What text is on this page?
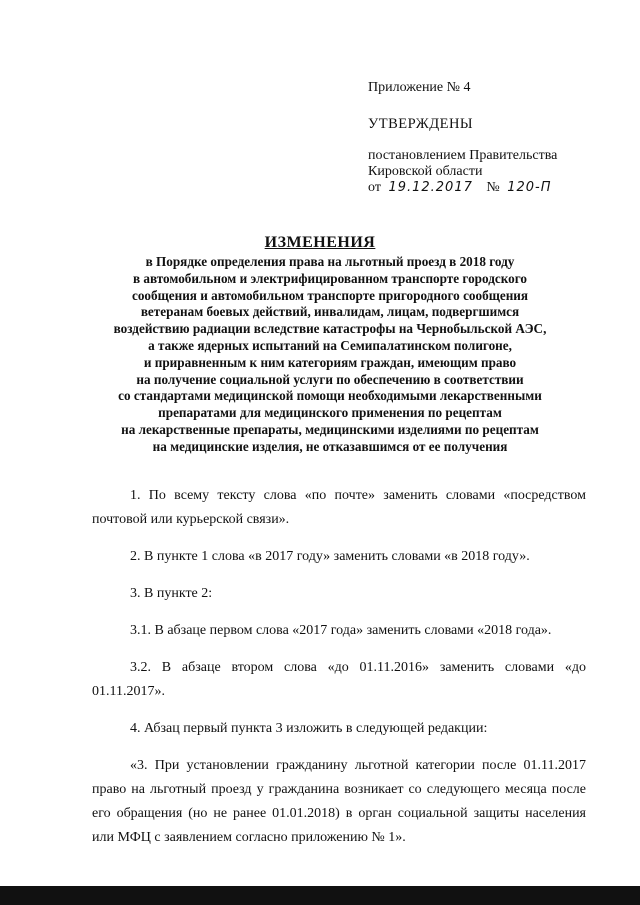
Приложение № 4
УТВЕРЖДЕНЫ
постановлением Правительства
Кировской области
от 19.12.2017 № 120-П
ИЗМЕНЕНИЯ
в Порядке определения права на льготный проезд в 2018 году
в автомобильном и электрифицированном транспорте городского
сообщения и автомобильном транспорте пригородного сообщения
ветеранам боевых действий, инвалидам, лицам, подвергшимся
воздействию радиации вследствие катастрофы на Чернобыльской АЭС,
а также ядерных испытаний на Семипалатинском полигоне,
и приравненным к ним категориям граждан, имеющим право
на получение социальной услуги по обеспечению в соответствии
со стандартами медицинской помощи необходимыми лекарственными
препаратами для медицинского применения по рецептам
на лекарственные препараты, медицинскими изделиями по рецептам
на медицинские изделия, не отказавшимся от ее получения

1. По всему тексту слова «по почте» заменить словами «посредством почтовой или курьерской связи».

2. В пункте 1 слова «в 2017 году» заменить словами «в 2018 году».

3. В пункте 2:

3.1. В абзаце первом слова «2017 года» заменить словами «2018 года».

3.2. В абзаце втором слова «до 01.11.2016» заменить словами «до 01.11.2017».

4. Абзац первый пункта 3 изложить в следующей редакции:

«3. При установлении гражданину льготной категории после 01.11.2017 право на льготный проезд у гражданина возникает со следующего месяца после его обращения (но не ранее 01.01.2018) в орган социальной защиты населения или МФЦ с заявлением согласно приложению № 1».
